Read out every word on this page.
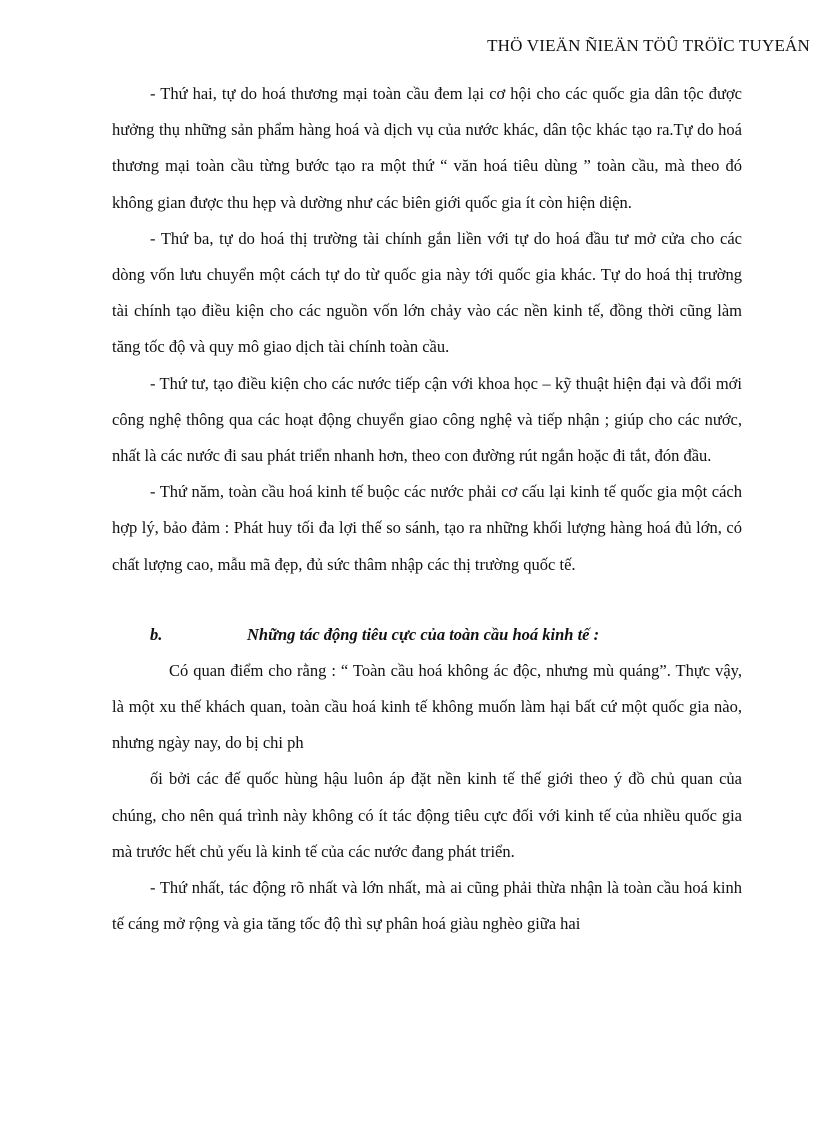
THÖ VIEÄN ÑIEÄN TÖÛ TRÖÏC TUYEÁN

- Thứ hai, tự do hoá thương mại toàn cầu đem lại cơ hội cho các quốc gia dân tộc được hưởng thụ những sản phẩm hàng hoá và dịch vụ của nước khác, dân tộc khác tạo ra.Tự do hoá thương mại toàn cầu từng bước tạo ra một thứ “ văn hoá tiêu dùng ” toàn cầu, mà theo đó không gian được thu hẹp và dường như các biên giới quốc gia ít còn hiện diện.

- Thứ ba, tự do hoá thị trường tài chính gắn liền với tự do hoá đầu tư mở cửa cho các dòng vốn lưu chuyển một cách tự do từ quốc gia này tới quốc gia khác. Tự do hoá thị trường tài chính tạo điều kiện cho các nguồn vốn lớn chảy vào các nền kinh tế, đồng thời cũng làm tăng tốc độ và quy mô giao dịch tài chính toàn cầu.

- Thứ tư, tạo điều kiện cho các nước tiếp cận với khoa học – kỹ thuật hiện đại và đổi mới công nghệ thông qua các hoạt động chuyển giao công nghệ và tiếp nhận ; giúp cho các nước, nhất là các nước đi sau phát triển nhanh hơn, theo con đường rút ngắn hoặc đi tắt, đón đầu.

- Thứ năm, toàn cầu hoá kinh tế buộc các nước phải cơ cấu lại kinh tế quốc gia một cách hợp lý, bảo đảm : Phát huy tối đa lợi thế so sánh, tạo ra những khối lượng hàng hoá đủ lớn, có chất lượng cao, mẫu mã đẹp, đủ sức thâm nhập các thị trường quốc tế.

b.	Những tác động tiêu cực của toàn cầu hoá kinh tế :

Có quan điểm cho rằng : “ Toàn cầu hoá không ác độc, nhưng mù quáng”. Thực vậy, là một xu thế khách quan, toàn cầu hoá kinh tế không muốn làm hại bất cứ một quốc gia nào, nhưng ngày nay, do bị chi ph

ối bởi các đế quốc hùng hậu luôn áp đặt nền kinh tế thế giới theo ý đồ chủ quan của chúng, cho nên quá trình này không có ít tác động tiêu cực đối với kinh tế của nhiều quốc gia mà trước hết chủ yếu là kinh tế của các nước đang phát triển.

- Thứ nhất, tác động rõ nhất và lớn nhất, mà ai cũng phải thừa nhận là toàn cầu hoá kinh tế cáng mở rộng và gia tăng tốc độ thì sự phân hoá giàu nghèo giữa hai
